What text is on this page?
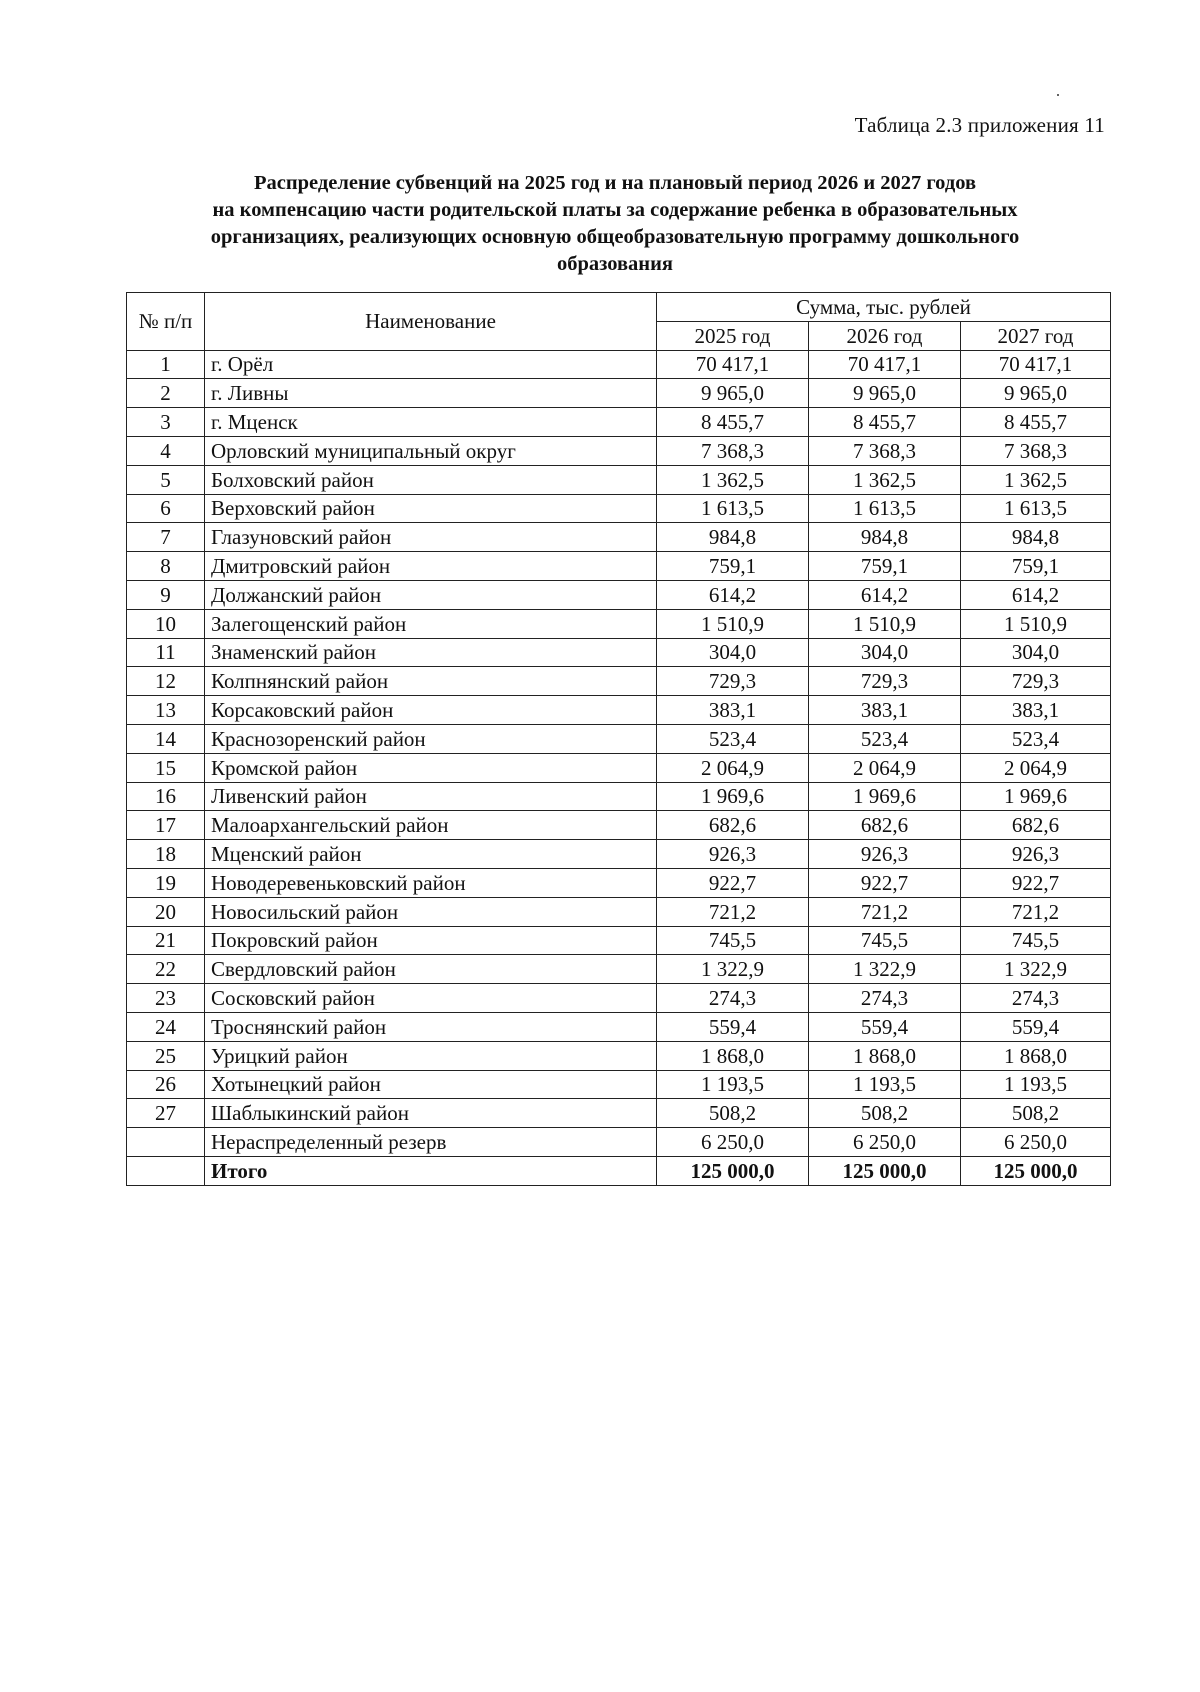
Таблица 2.3 приложения 11
Распределение субвенций на 2025 год и на плановый период 2026 и 2027 годов
на компенсацию части родительской платы за содержание ребенка в образовательных
организациях, реализующих основную общеобразовательную программу дошкольного
образования
№ п/п	Наименование	Сумма, тыс. рублей		
		2025 год	2026 год	2027 год
1	г. Орёл	70 417,1	70 417,1	70 417,1
2	г. Ливны	9 965,0	9 965,0	9 965,0
3	г. Мценск	8 455,7	8 455,7	8 455,7
4	Орловский муниципальный округ	7 368,3	7 368,3	7 368,3
5	Болховский район	1 362,5	1 362,5	1 362,5
6	Верховский район	1 613,5	1 613,5	1 613,5
7	Глазуновский район	984,8	984,8	984,8
8	Дмитровский район	759,1	759,1	759,1
9	Должанский район	614,2	614,2	614,2
10	Залегощенский район	1 510,9	1 510,9	1 510,9
11	Знаменский район	304,0	304,0	304,0
12	Колпнянский район	729,3	729,3	729,3
13	Корсаковский район	383,1	383,1	383,1
14	Краснозоренский район	523,4	523,4	523,4
15	Кромской район	2 064,9	2 064,9	2 064,9
16	Ливенский район	1 969,6	1 969,6	1 969,6
17	Малоархангельский район	682,6	682,6	682,6
18	Мценский район	926,3	926,3	926,3
19	Новодеревеньковский район	922,7	922,7	922,7
20	Новосильский район	721,2	721,2	721,2
21	Покровский район	745,5	745,5	745,5
22	Свердловский район	1 322,9	1 322,9	1 322,9
23	Сосковский район	274,3	274,3	274,3
24	Троснянский район	559,4	559,4	559,4
25	Урицкий район	1 868,0	1 868,0	1 868,0
26	Хотынецкий район	1 193,5	1 193,5	1 193,5
27	Шаблыкинский район	508,2	508,2	508,2
	Нераспределенный резерв	6 250,0	6 250,0	6 250,0
	Итого	125 000,0	125 000,0	125 000,0
